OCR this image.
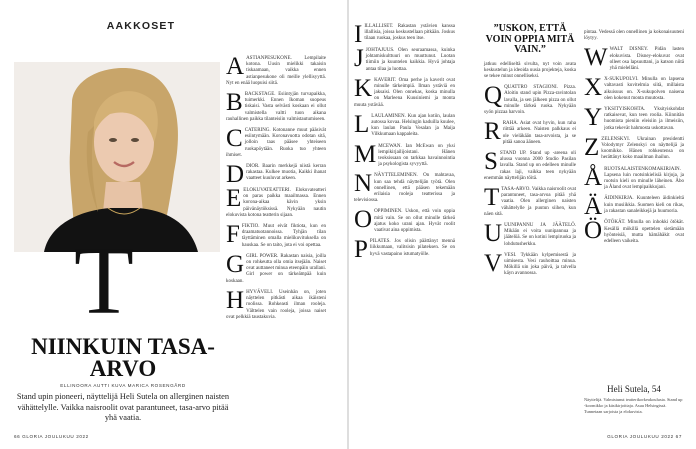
AAKKOSET
T
NIINKUIN TASA-ARVO
ELLINOORA AUTTI KUVA MARICA ROSENGÅRD
Stand upin pioneeri, näyttelijä Heli Sutela on allerginen naisten vähättelylle. Vaikka naisroolit ovat parantuneet, tasa-arvo pitää yhä vaatia.
A ASTIANPESUKONE. Lempilaite kotona. Uusin mielikki takaisin tiskaamaan, vaikka ennen astianpesukone oli meille ylellisyyttä. Nyt en enää luopuisi siitä.
B BACKSTAGE. Esiintyjän turvapaikka, tuimerkki. Ennen Ikoman suopeus tiskaisi. Vasta selvästi koskaan ei ollut valmistella valtti tuon aikana rauhallinen paikka tilanteisiin valmistautumiseen.
C CATERING. Kotonanne muut pääsivät esiintymään. Koronavuotta odotan sitä, jolloin taas pääsee yhteiseen ruokapöytään. Ruoka tuo yhteen ihmiset.
D DIOR. Baarin merkkejä niistä kerran rakastaa. Kulkee muotia, Kaikki ihanat vaatteet kuuluvat arkeen.
E ELOKUVATEATTERI. Elokuvateatteri on paras paikka maailmassa. Ennen korona-aikaa kävin yksin päivänäytöksissä. Nykyään nautin elokuvista kotona teatterin sijaan.
F FIKTIO. Muut eivät fiktiota, kun en draamatuotannoissa. Tyhjän tilan täyttäminen omalla mielikuvituksella on hauskaa. Se on taito, jota ei voi opettaa.
G GIRL POWER. Rakastan naisia, joilla on rohkeutta olla omia itsejään. Naiset ovat auttaneet minua eteenpäin urallani. Girl power on tärkeämpää kuin koskaan.
H HYVÄVELI. Useinhän on, joten näyttelen pitkästi aikaa ikäisteni roolissa. Rohkeasti ilman rooleja. Välttelen vain rooleja, joissa naiset ovat pelkkiä taustakuvia.
I ILLALLISET. Rakastan ystävien kanssa illallisia, joissa keskustellaan pitkään. Joskus tilaan ruokaa, joskus teen itse.
J JOHTAJUUS. Olen seuraamassa, kuinka johtamiskulttuuri on muuttunut. Luotan tiimiin ja kuuntelen kaikkia. Hyvä johtaja antaa tilaa ja luottaa.
K KAVERIT. Oma perhe ja kaverit ovat minulle tärkeimpiä. Ilman ystäviä en jaksaisi. Olen onnekas, koska minulla on Marleena Kuusiniemi ja monta muuta ystävää.
L LAULAMINEN. Kun ajan kotiin, laulan autossa kovaa. Helsingin kaduilla kuulee, kun laulan Paula Vesalan ja Maija Vilkkumaan kappaleita.
M MCEWAN. Ian McEwan on yksi lempikirjailijoistani. Hänen teoksissaan on tarkkaa havainnointia ja psykologista syvyyttä.
N NÄYTTELEMINEN. On mahtavaa, kun saa tehdä näyttelijän työtä. Olen onnellinen, että pääsen tekemään erilaisia rooleja teatterissa ja televisiossa.
O OPPIMINEN. Uskon, että voin oppia mitä vain. Se on ollut minulle tärkeä ajatus koko urani ajan. Hyvät roolit vaativat aina oppimista.
P PILATES. Jos olisin päättänyt mennä liikkumaan, valitsisin pilateksen. Se on hyvä vastapaino istumatyölle.
”USKON, ETTÄ VOIN OPPIA MITÄ VAIN.”
jatkuu edelliseltä sivulta, nyt voin avata keskustelun ja ideoida uusia projekteja, koska se tekee minut onnelliseksi.
Q QUATTRO STAGIONI. Pizza. Aloitin stand upin Pizza-ravintolan lavalla, ja sen jälkeen pizza on ollut minulle tärkeä ruoka. Nykyään syön pizzaa harvoin.
R RAHA. Asiat ovat hyvin, kun raha riittää arkeen. Naisten palkkaus ei ole vieläkään tasa-arvoista, ja se pitää sanoa ääneen.
S STAND UP. Stand up -areena oli alussa vuonna 2000 Studio Pasilan lavalla. Stand up on edelleen minulle rakas laji, vaikka teen nykyään enemmän näyttelijän töitä.
T TASA-ARVO. Vaikka naisroolit ovat parantuneet, tasa-arvoa pitää yhä vaatia. Olen allerginen naisten vähättelylle ja puutun siihen, kun näen sitä.
U UUNIPANNU JA JÄÄTELÖ. Mikään ei voita uunipannua ja jäätelöä. Se on kotini lempiruoka ja lohdutusherkku.
V VESI. Tykkään kylpemisestä ja uimisesta. Vesi rauhoittaa minua. Mökillä uin joka päivä, ja talvella käyn avannossa.
pintaa. Vedessä olen onnellinen ja kokonaisuuteni löytyy.
W WALT DISNEY. Pidän lasten elokuvista. Disney-elokuvat ovat olleet osa lapsuuttani, ja katson niitä yhä mielelläni.
X X-SUKUPOLVI. Minulla on lapsena valtavasti kuvitelmia siitä, millaista aikuisuus on. X-sukupolven naisena olen kokenut monta muutosta.
Y YKSITYISKOHTA. Yksityiskohdat ratkaisevat, kun teen roolia. Kiinnitän huomiota pieniin eleisiin ja ilmeisiin, jotka tekevät hahmosta uskottavan.
Z ZELENSKYI. Ukrainan presidentti Volodymyr Zelenskyi on näyttelijä ja koomikko. Hänen rohkeutensa on herättänyt koko maailman ihailun.
Å RUOTSALAISTENKOMAKIRJAIN. Lapsena luin ruotsinkielisiä kirjoja, ja ruotsin kieli on minulle läheinen. Åbo ja Åland ovat lempipaikkojani.
Ä ÄIDINKIRJA. Kuunteleen äidinkieltä kuin musiikkia. Suomen kieli on rikas, ja rakastan sanaleikkejä ja huumoria.
Ö ÖTÖKÄT. Minulla on inhokki ötökät. Kesällä mökillä opettelen sietämään hyönteisiä, mutta hämähäkit ovat edelleen vaikeita.
Heli Sutela, 54
Näyttelijä. Valmistunut teatterikorkeakoulusta. Stand up -koomikko ja käsikirjoittaja. Asuu Helsingissä. Tunnetaan sarjoista ja elokuvista.
66 GLORIA JOULUKUU 2022	GLORIA JOULUKUU 2022 67
